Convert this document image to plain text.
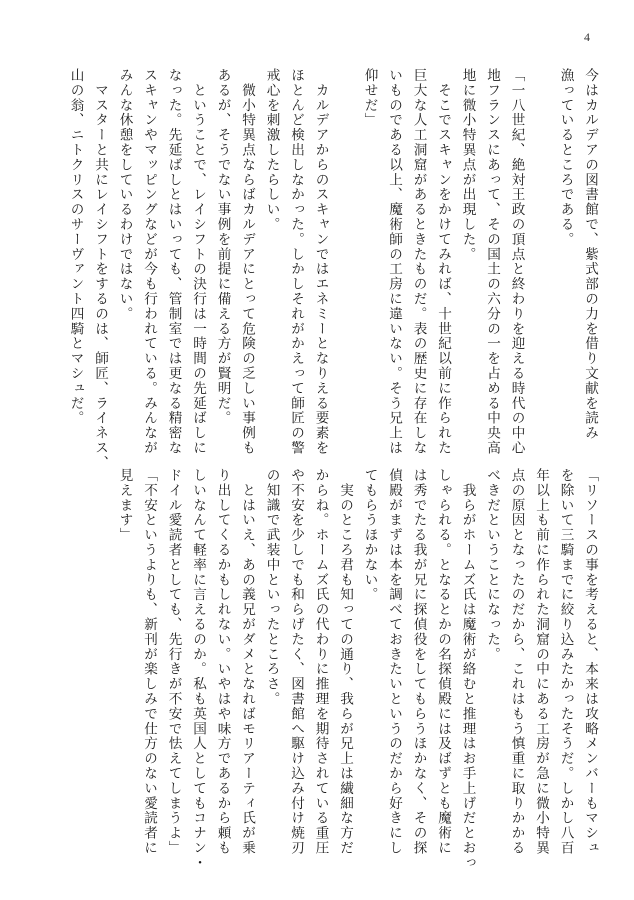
4
今はカルデアの図書館で、紫式部の力を借り文献を読み
漁っているところである。
「一八世紀、絶対王政の頂点と終わりを迎える時代の中心
地フランスにあって、その国土の六分の一を占める中央高
地に微小特異点が出現した。
　そこでスキャンをかけてみれば、十世紀以前に作られた
巨大な人工洞窟があるときたものだ。表の歴史に存在しな
いものである以上、魔術師の工房に違いない。そう兄上は
仰せだ」
　カルデアからのスキャンではエネミーとなりえる要素を
ほとんど検出しなかった。しかしそれがかえって師匠の警
戒心を刺激したらしい。
　微小特異点ならばカルデアにとって危険の乏しい事例も
あるが、そうでない事例を前提に備える方が賢明だ。
　ということで、レイシフトの決行は一時間の先延ばしに
なった。先延ばしとはいっても、管制室では更なる精密な
スキャンやマッピングなどが今も行われている。みんなが
みんな休憩をしているわけではない。
　マスターと共にレイシフトをするのは、師匠、ライネス、
山の翁、ニトクリスのサーヴァント四騎とマシュだ。
「リソースの事を考えると、本来は攻略メンバーもマシュ
を除いて三騎までに絞り込みたかったそうだ。しかし八百
年以上も前に作られた洞窟の中にある工房が急に微小特異
点の原因となったのだから、これはもう慎重に取りかかる
べきだということになった。
　我らがホームズ氏は魔術が絡むと推理はお手上げだとおっ
しゃられる。となるとかの名探偵殿には及ばずとも魔術に
は秀でたる我が兄に探偵役をしてもらうほかなく、その探
偵殿がまずは本を調べておきたいというのだから好きにし
てもらうほかない。
　実のところ君も知っての通り、我らが兄上は繊細な方だ
からね。ホームズ氏の代わりに推理を期待されている重圧
や不安を少しでも和らげたく、図書館へ駆け込み付け焼刃
の知識で武装中といったところさ。
　とはいえ、あの義兄がダメとなればモリアーティ氏が乗
り出してくるかもしれない。いやはや味方であるから頼も
しいなんて軽率に言えるのか。私も英国人としてもコナン・
ドイル愛読者としても、先行きが不安で怯えてしまうよ」
「不安というよりも、新刊が楽しみで仕方のない愛読者に
見えます」
